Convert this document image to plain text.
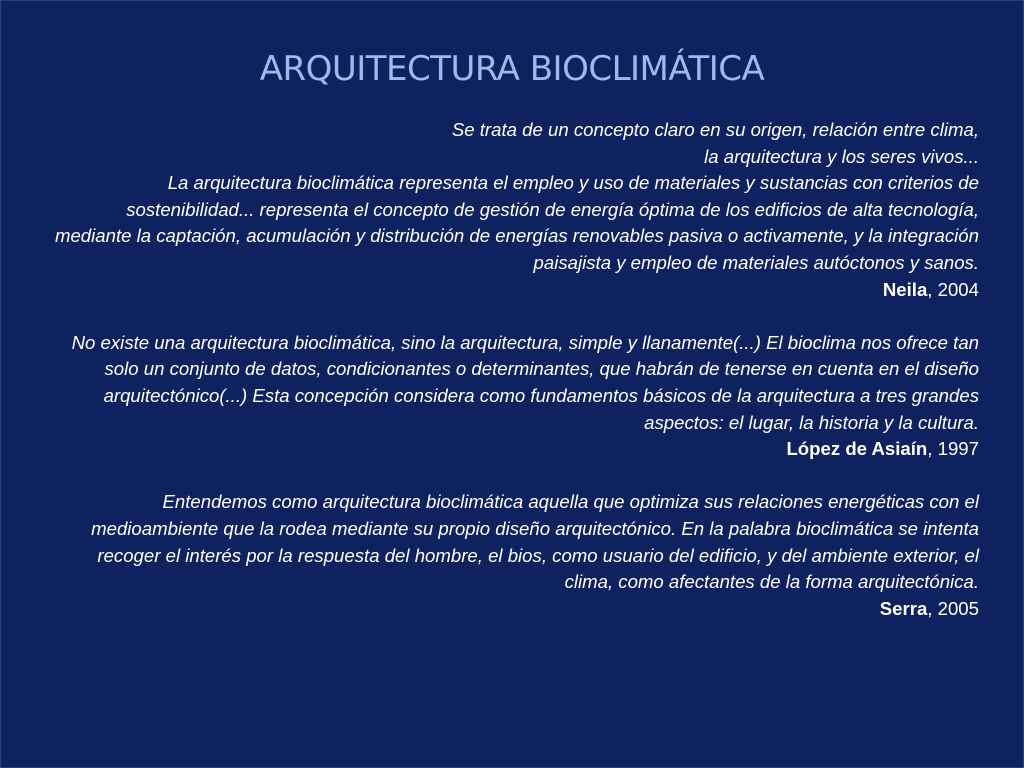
ARQUITECTURA BIOCLIMÁTICA

Se trata de un concepto claro en su origen, relación entre clima,
la arquitectura y los seres vivos...
La arquitectura bioclimática representa el empleo y uso de materiales y sustancias con criterios de sostenibilidad... representa el concepto de gestión de energía óptima de los edificios de alta tecnología, mediante la captación, acumulación y distribución de energías renovables pasiva o activamente, y la integración paisajista y empleo de materiales autóctonos y sanos.

Neila, 2004

No existe una arquitectura bioclimática, sino la arquitectura, simple y llanamente(...) El bioclima nos ofrece tan solo un conjunto de datos, condicionantes o determinantes, que habrán de tenerse en cuenta en el diseño arquitectónico(...) Esta concepción considera como fundamentos básicos de la arquitectura a tres grandes aspectos: el lugar, la historia y la cultura.

López de Asiaín, 1997

Entendemos como arquitectura bioclimática aquella que optimiza sus relaciones energéticas con el medioambiente que la rodea mediante su propio diseño arquitectónico. En la palabra bioclimática se intenta recoger el interés por la respuesta del hombre, el bios, como usuario del edificio, y del ambiente exterior, el clima, como afectantes de la forma arquitectónica.

Serra, 2005
